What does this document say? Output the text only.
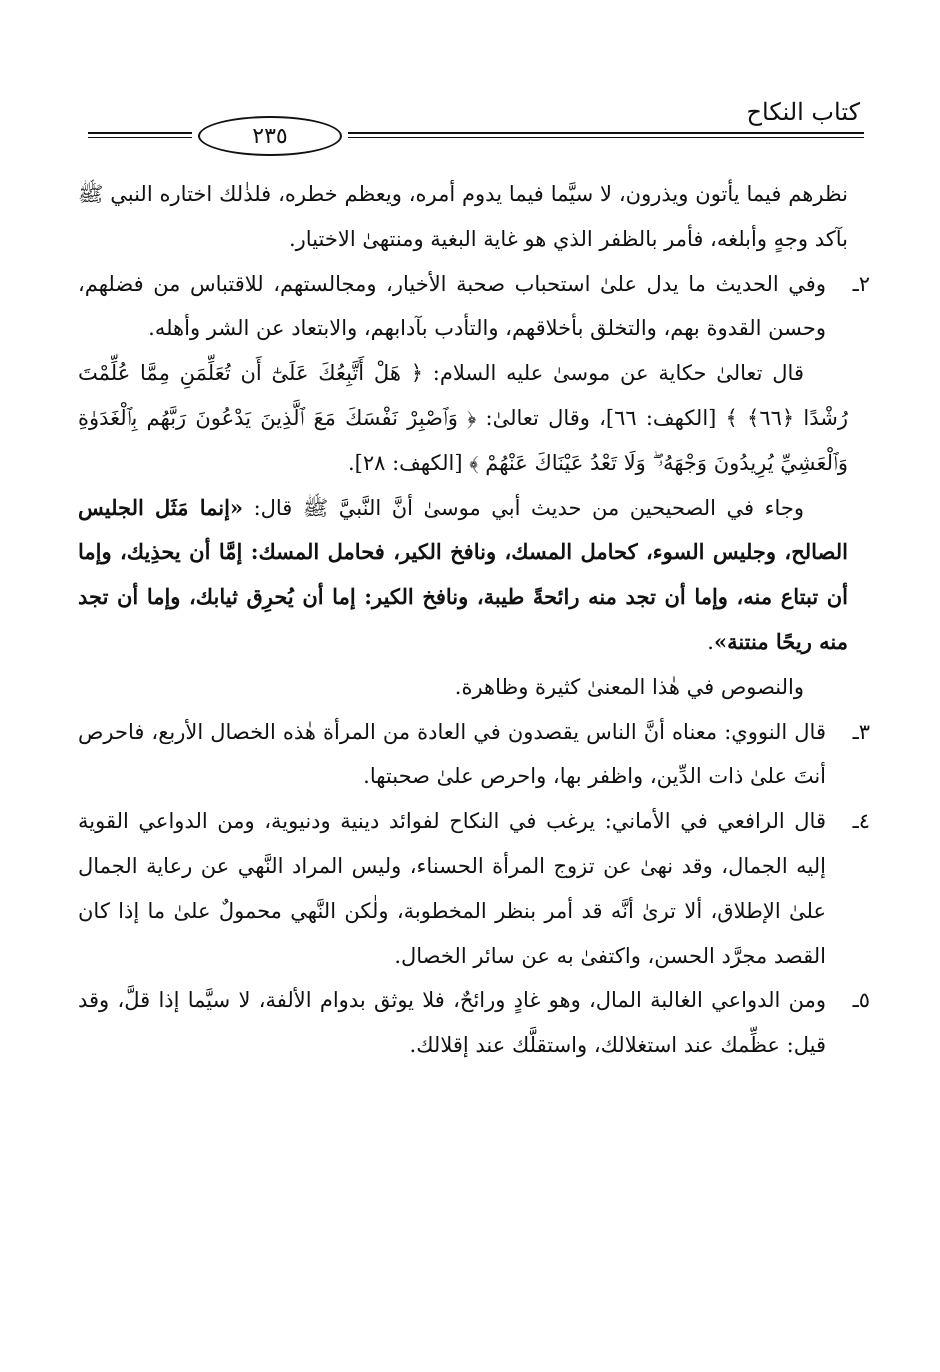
كتاب النكاح
٢٣٥

نظرهم فيما يأتون ويذرون، لا سيَّما فيما يدوم أمره، ويعظم خطره، فلذٰلك اختاره النبي ﷺ بآكد وجهٍ وأبلغه، فأمر بالظفر الذي هو غاية البغية ومنتهىٰ الاختيار.

٢ـوفي الحديث ما يدل علىٰ استحباب صحبة الأخيار، ومجالستهم، للاقتباس من فضلهم، وحسن القدوة بهم، والتخلق بأخلاقهم، والتأدب بآدابهم، والابتعاد عن الشر وأهله.

قال تعالىٰ حكاية عن موسىٰ عليه السلام: ﴿ هَلْ أَتَّبِعُكَ عَلَىٰٓ أَن تُعَلِّمَنِ مِمَّا عُلِّمْتَ رُشْدًا ﴿٦٦﴾ ﴾ [الكهف: ٦٦]، وقال تعالىٰ: ﴿ وَٱصْبِرْ نَفْسَكَ مَعَ ٱلَّذِينَ يَدْعُونَ رَبَّهُم بِٱلْغَدَوٰةِ وَٱلْعَشِيِّ يُرِيدُونَ وَجْهَهُۥ ۖ وَلَا تَعْدُ عَيْنَاكَ عَنْهُمْ ﴾ [الكهف: ٢٨].

وجاء في الصحيحين من حديث أبي موسىٰ أنَّ النَّبيَّ ﷺ قال: «إنما مَثَل الجليس الصالح، وجليس السوء، كحامل المسك، ونافخ الكير، فحامل المسك: إمَّا أن يحذِيك، وإما أن تبتاع منه، وإما أن تجد منه رائحةً طيبة، ونافخ الكير: إما أن يُحرِق ثيابك، وإما أن تجد منه ريحًا منتنة».

والنصوص في هٰذا المعنىٰ كثيرة وظاهرة.

٣ـقال النووي: معناه أنَّ الناس يقصدون في العادة من المرأة هٰذه الخصال الأربع، فاحرص أنتَ علىٰ ذات الدِّين، واظفر بها، واحرص علىٰ صحبتها.

٤ـقال الرافعي في الأماني: يرغب في النكاح لفوائد دينية ودنيوية، ومن الدواعي القوية إليه الجمال، وقد نهىٰ عن تزوج المرأة الحسناء، وليس المراد النَّهي عن رعاية الجمال علىٰ الإطلاق، ألا ترىٰ أنَّه قد أمر بنظر المخطوبة، ولٰكن النَّهي محمولٌ علىٰ ما إذا كان القصد مجرَّد الحسن، واكتفىٰ به عن سائر الخصال.

٥ـومن الدواعي الغالبة المال، وهو غادٍ ورائحٌ، فلا يوثق بدوام الألفة، لا سيَّما إذا قلَّ، وقد قيل: عظِّمك عند استغلالك، واستقلَّك عند إقلالك.
